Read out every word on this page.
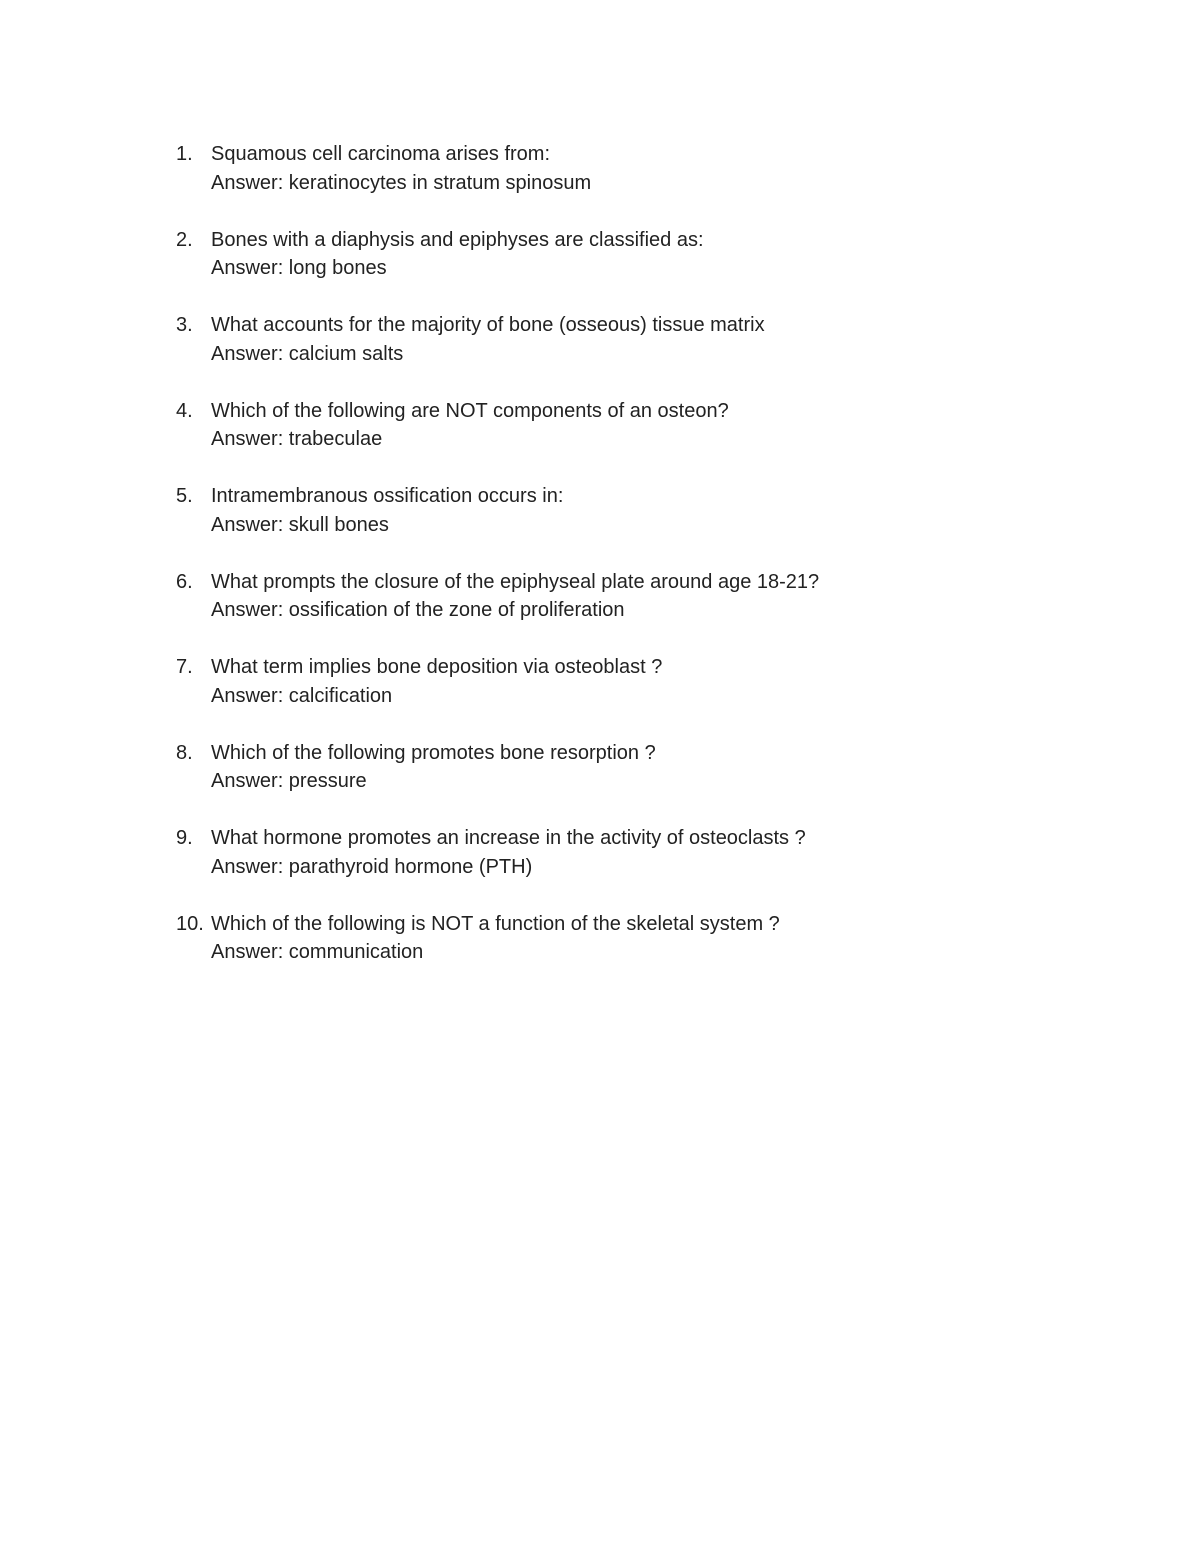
1. Squamous cell carcinoma arises from:
Answer: keratinocytes in stratum spinosum
2. Bones with a diaphysis and epiphyses are classified as:
Answer: long bones
3. What accounts for the majority of bone (osseous) tissue matrix
Answer: calcium salts
4. Which of the following are NOT components of an osteon?
Answer: trabeculae
5. Intramembranous ossification occurs in:
Answer: skull bones
6. What prompts the closure of the epiphyseal plate around age 18-21?
Answer: ossification of the zone of proliferation
7. What term implies bone deposition via osteoblast ?
Answer: calcification
8. Which of the following promotes bone resorption ?
Answer: pressure
9. What hormone promotes an increase in the activity of osteoclasts ?
Answer: parathyroid hormone (PTH)
10. Which of the following is NOT a function of the skeletal system ?
Answer: communication
